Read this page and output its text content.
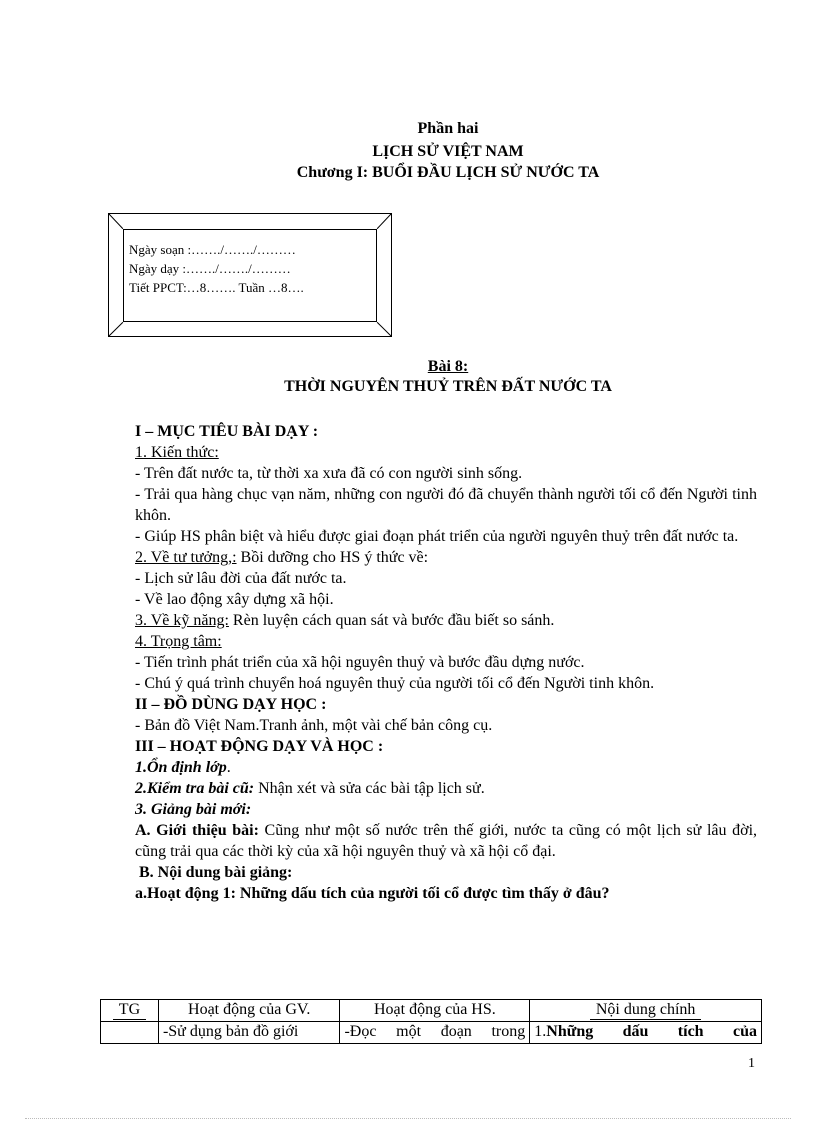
Phần hai
LỊCH SỬ VIỆT NAM
Chương I: BUỔI ĐẦU LỊCH SỬ NƯỚC TA
Ngày soạn :……./……./………
Ngày dạy :……./……./………
Tiết PPCT:…8……. Tuần …8….
Bài 8:
THỜI NGUYÊN THUỶ TRÊN ĐẤT NƯỚC TA

I – MỤC TIÊU BÀI DẠY :

1. Kiến thức:

- Trên đất nước ta, từ thời xa xưa đã có con người sinh sống.

- Trải qua hàng chục vạn năm, những con người đó đã chuyển thành người tối cổ đến Người tinh khôn.

- Giúp HS phân biệt và hiểu được giai đoạn phát triển của người nguyên thuỷ trên đất nước ta.

2. Về tư tưởng,: Bồi dưỡng cho HS ý thức về:

- Lịch sử lâu đời của đất nước ta.

- Về lao động xây dựng xã hội.

3. Về kỹ năng: Rèn luyện cách quan sát và bước đầu biết so sánh.

4. Trọng tâm:

- Tiến trình phát triển của xã hội nguyên thuỷ và bước đầu dựng nước.

- Chú ý quá trình chuyển hoá nguyên thuỷ của người tối cổ đến Người tinh khôn.

II – ĐỒ DÙNG DẠY HỌC :

- Bản đồ Việt Nam.Tranh ảnh, một vài chế bản công cụ.

III – HOẠT ĐỘNG DẠY VÀ HỌC :

1.Ổn định lớp.

2.Kiểm tra bài cũ: Nhận xét và sửa các bài tập lịch sử.

3. Giảng bài mới:

A. Giới thiệu bài: Cũng như một số nước trên thế giới, nước ta cũng có một lịch sử lâu đời, cũng trải qua các thời kỳ của xã hội nguyên thuỷ và xã hội cổ đại.

B. Nội dung bài giảng:

a.Hoạt động 1: Những dấu tích của người tối cổ được tìm thấy ở đâu?

TG	Hoạt động của GV.	Hoạt động của HS.	Nội dung chính
	-Sử dụng bản đồ giới	-Đọc một đoạn trong	1.Những dấu tích của
1
